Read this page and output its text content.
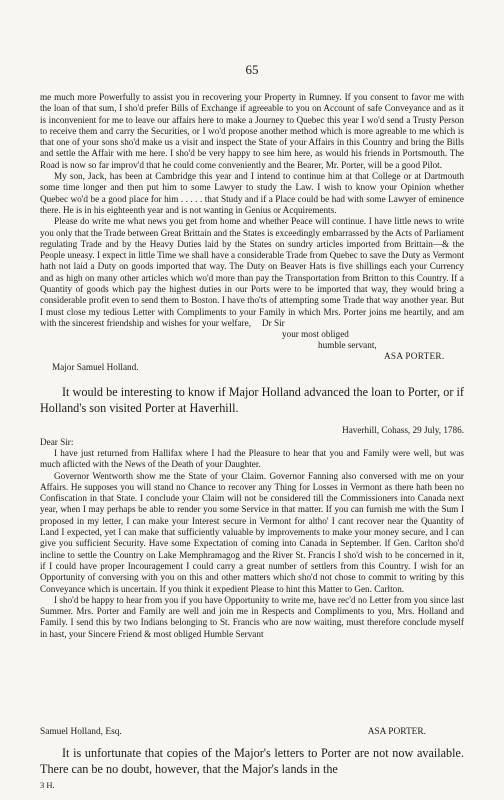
65

me much more Powerfully to assist you in recovering your Property in Rumney. If you consent to favor me with the loan of that sum, I sho'd prefer Bills of Exchange if agreeable to you on Account of safe Conveyance and as it is inconvenient for me to leave our affairs here to make a Journey to Quebec this year I wo'd send a Trusty Person to receive them and carry the Securities, or I wo'd propose another method which is more agreable to me which is that one of your sons sho'd make us a visit and inspect the State of your Affairs in this Country and bring the Bills and settle the Affair with me here. I sho'd be very happy to see him here, as would his friends in Portsmouth. The Road is now so far improv'd that he could come conveniently and the Bearer, Mr. Porter, will be a good Pilot.

My son, Jack, has been at Cambridge this year and I intend to continue him at that College or at Dartmouth some time longer and then put him to some Lawyer to study the Law. I wish to know your Opinion whether Quebec wo'd be a good place for him . . . . . that Study and if a Place could be had with some Lawyer of eminence there. He is in his eighteenth year and is not wanting in Genius or Acquirements.

Please do write me what news you get from home and whether Peace will continue. I have little news to write you only that the Trade between Great Brittain and the States is exceedingly embarrassed by the Acts of Parliament regulating Trade and by the Heavy Duties laid by the States on sundry articles imported from Brittain—& the People uneasy. I expect in little Time we shall have a considerable Trade from Quebec to save the Duty as Vermont hath not laid a Duty on goods imported that way. The Duty on Beaver Hats is five shillings each your Currency and as high on many other articles which wo'd more than pay the Transportation from Britton to this Country. If a Quantity of goods which pay the highest duties in our Ports were to be imported that way, they would bring a considerable profit even to send them to Boston. I have tho'ts of attempting some Trade that way another year. But I must close my tedious Letter with Compliments to your Family in which Mrs. Porter joins me heartily, and am with the sincerest friendship and wishes for your welfare,	Dr Sir
your most obliged
humble servant,
ASA PORTER.
Major Samuel Holland.

It would be interesting to know if Major Holland advanced the loan to Porter, or if Holland's son visited Porter at Haverhill.

Haverhill, Cohass, 29 July, 1786.
Dear Sir:

I have just returned from Hallifax where I had the Pleasure to hear that you and Family were well, but was much aflicted with the News of the Death of your Daughter.

Governor Wentworth show me the State of your Claim. Governor Fanning also conversed with me on your Affairs. He supposes you will stand no Chance to recover any Thing for Losses in Vermont as there hath been no Confiscation in that State. I conclude your Claim will not be considered till the Commissioners into Canada next year, when I may perhaps be able to render you some Service in that matter. If you can furnish me with the Sum I proposed in my letter, I can make your Interest secure in Vermont for altho' I cant recover near the Quantity of Land I expected, yet I can make that sufficiently valuable by improvements to make your money secure, and I can give you sufficient Security. Have some Expectation of coming into Canada in September. If Gen. Carlton sho'd incline to settle the Country on Lake Memphramagog and the River St. Francis I sho'd wish to be concerned in it, if I could have proper Incouragement I could carry a great number of settlers from this Country. I wish for an Opportunity of conversing with you on this and other matters which sho'd not chose to commit to writing by this Conveyance which is uncertain. If you think it expedient Please to hint this Matter to Gen. Carlton.

I sho'd be happy to hear from you if you have Opportunity to write me, have rec'd no Letter from you since last Summer. Mrs. Porter and Family are well and join me in Respects and Compliments to you, Mrs. Holland and Family. I send this by two Indians belonging to St. Francis who are now waiting, must therefore conclude myself in hast, your Sincere Friend & most obliged Humble Servant

Samuel Holland, Esq.	ASA PORTER.

It is unfortunate that copies of the Major's letters to Porter are not now available. There can be no doubt, however, that the Major's lands in the

3 H.
